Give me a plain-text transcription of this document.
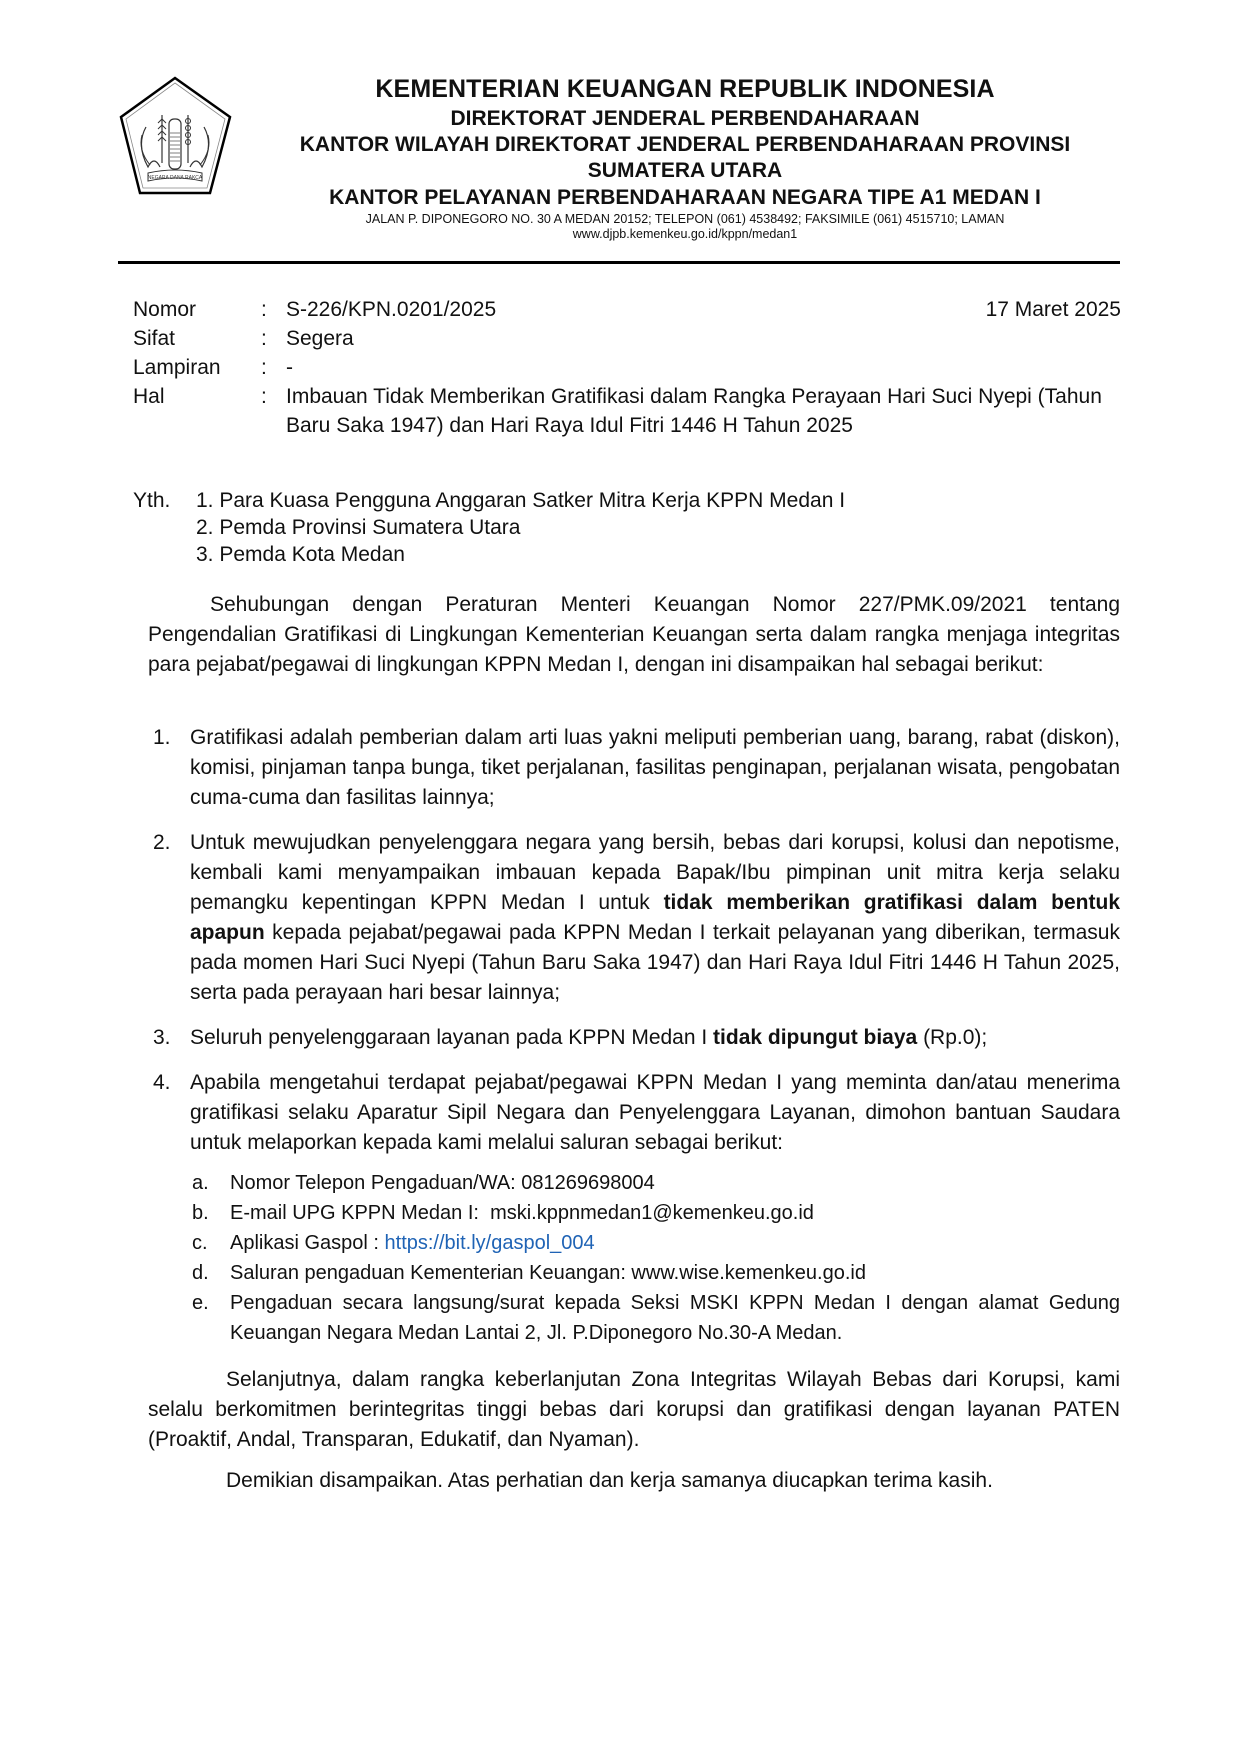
NEGARA DANA RAKCA
KEMENTERIAN KEUANGAN REPUBLIK INDONESIA
DIREKTORAT JENDERAL PERBENDAHARAAN
KANTOR WILAYAH DIREKTORAT JENDERAL PERBENDAHARAAN PROVINSI
SUMATERA UTARA
KANTOR PELAYANAN PERBENDAHARAAN NEGARA TIPE A1 MEDAN I
JALAN P. DIPONEGORO NO. 30 A MEDAN 20152; TELEPON (061) 4538492; FAKSIMILE (061) 4515710; LAMAN
www.djpb.kemenkeu.go.id/kppn/medan1
17 Maret 2025
Nomor	: S-226/KPN.0201/2025
Sifat	: Segera
Lampiran	: -
Hal	: Imbauan Tidak Memberikan Gratifikasi dalam Rangka Perayaan Hari Suci Nyepi (Tahun Baru Saka 1947) dan Hari Raya Idul Fitri 1446 H Tahun 2025
Yth.	1. Para Kuasa Pengguna Anggaran Satker Mitra Kerja KPPN Medan I
2. Pemda Provinsi Sumatera Utara
3. Pemda Kota Medan
Sehubungan dengan Peraturan Menteri Keuangan Nomor 227/PMK.09/2021 tentang Pengendalian Gratifikasi di Lingkungan Kementerian Keuangan serta dalam rangka menjaga integritas para pejabat/pegawai di lingkungan KPPN Medan I, dengan ini disampaikan hal sebagai berikut:
1. Gratifikasi adalah pemberian dalam arti luas yakni meliputi pemberian uang, barang, rabat (diskon), komisi, pinjaman tanpa bunga, tiket perjalanan, fasilitas penginapan, perjalanan wisata, pengobatan cuma-cuma dan fasilitas lainnya;
2. Untuk mewujudkan penyelenggara negara yang bersih, bebas dari korupsi, kolusi dan nepotisme, kembali kami menyampaikan imbauan kepada Bapak/Ibu pimpinan unit mitra kerja selaku pemangku kepentingan KPPN Medan I untuk tidak memberikan gratifikasi dalam bentuk apapun kepada pejabat/pegawai pada KPPN Medan I terkait pelayanan yang diberikan, termasuk pada momen Hari Suci Nyepi (Tahun Baru Saka 1947) dan Hari Raya Idul Fitri 1446 H Tahun 2025, serta pada perayaan hari besar lainnya;
3. Seluruh penyelenggaraan layanan pada KPPN Medan I tidak dipungut biaya (Rp.0);
4. Apabila mengetahui terdapat pejabat/pegawai KPPN Medan I yang meminta dan/atau menerima gratifikasi selaku Aparatur Sipil Negara dan Penyelenggara Layanan, dimohon bantuan Saudara untuk melaporkan kepada kami melalui saluran sebagai berikut:
a.	Nomor Telepon Pengaduan/WA: 081269698004
b.	E-mail UPG KPPN Medan I:  mski.kppnmedan1@kemenkeu.go.id
c.	Aplikasi Gaspol : https://bit.ly/gaspol_004
d.	Saluran pengaduan Kementerian Keuangan: www.wise.kemenkeu.go.id
e.	Pengaduan secara langsung/surat kepada Seksi MSKI KPPN Medan I dengan alamat Gedung Keuangan Negara Medan Lantai 2, Jl. P.Diponegoro No.30-A Medan.
Selanjutnya, dalam rangka keberlanjutan Zona Integritas Wilayah Bebas dari Korupsi, kami selalu berkomitmen berintegritas tinggi bebas dari korupsi dan gratifikasi dengan layanan PATEN (Proaktif, Andal, Transparan, Edukatif, dan Nyaman).
Demikian disampaikan. Atas perhatian dan kerja samanya diucapkan terima kasih.
